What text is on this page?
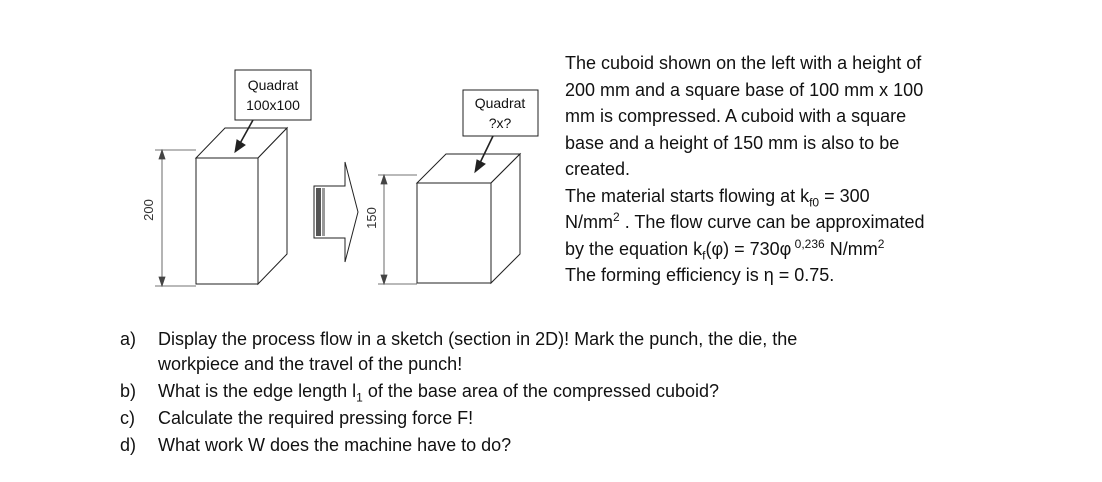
Quadrat
100x100	Quadrat
?x?
200	150
The cuboid shown on the left with a height of
200 mm and a square base of 100 mm x 100
mm is compressed. A cuboid with a square
base and a height of 150 mm is also to be
created.
The material starts flowing at $k_{f0} = 300$
$N/mm^2$ . The flow curve can be approximated
by the equation $k_f(\varphi) = 730\varphi$ $^{0,236}$ $N/mm^2$
The forming efficiency is η = 0.75.
a) Display the process flow in a sketch (section in 2D)! Mark the punch, the die, the
workpiece and the travel of the punch!
b) What is the edge length $l_1$ of the base area of the compressed cuboid?
c) Calculate the required pressing force F!
d) What work W does the machine have to do?
